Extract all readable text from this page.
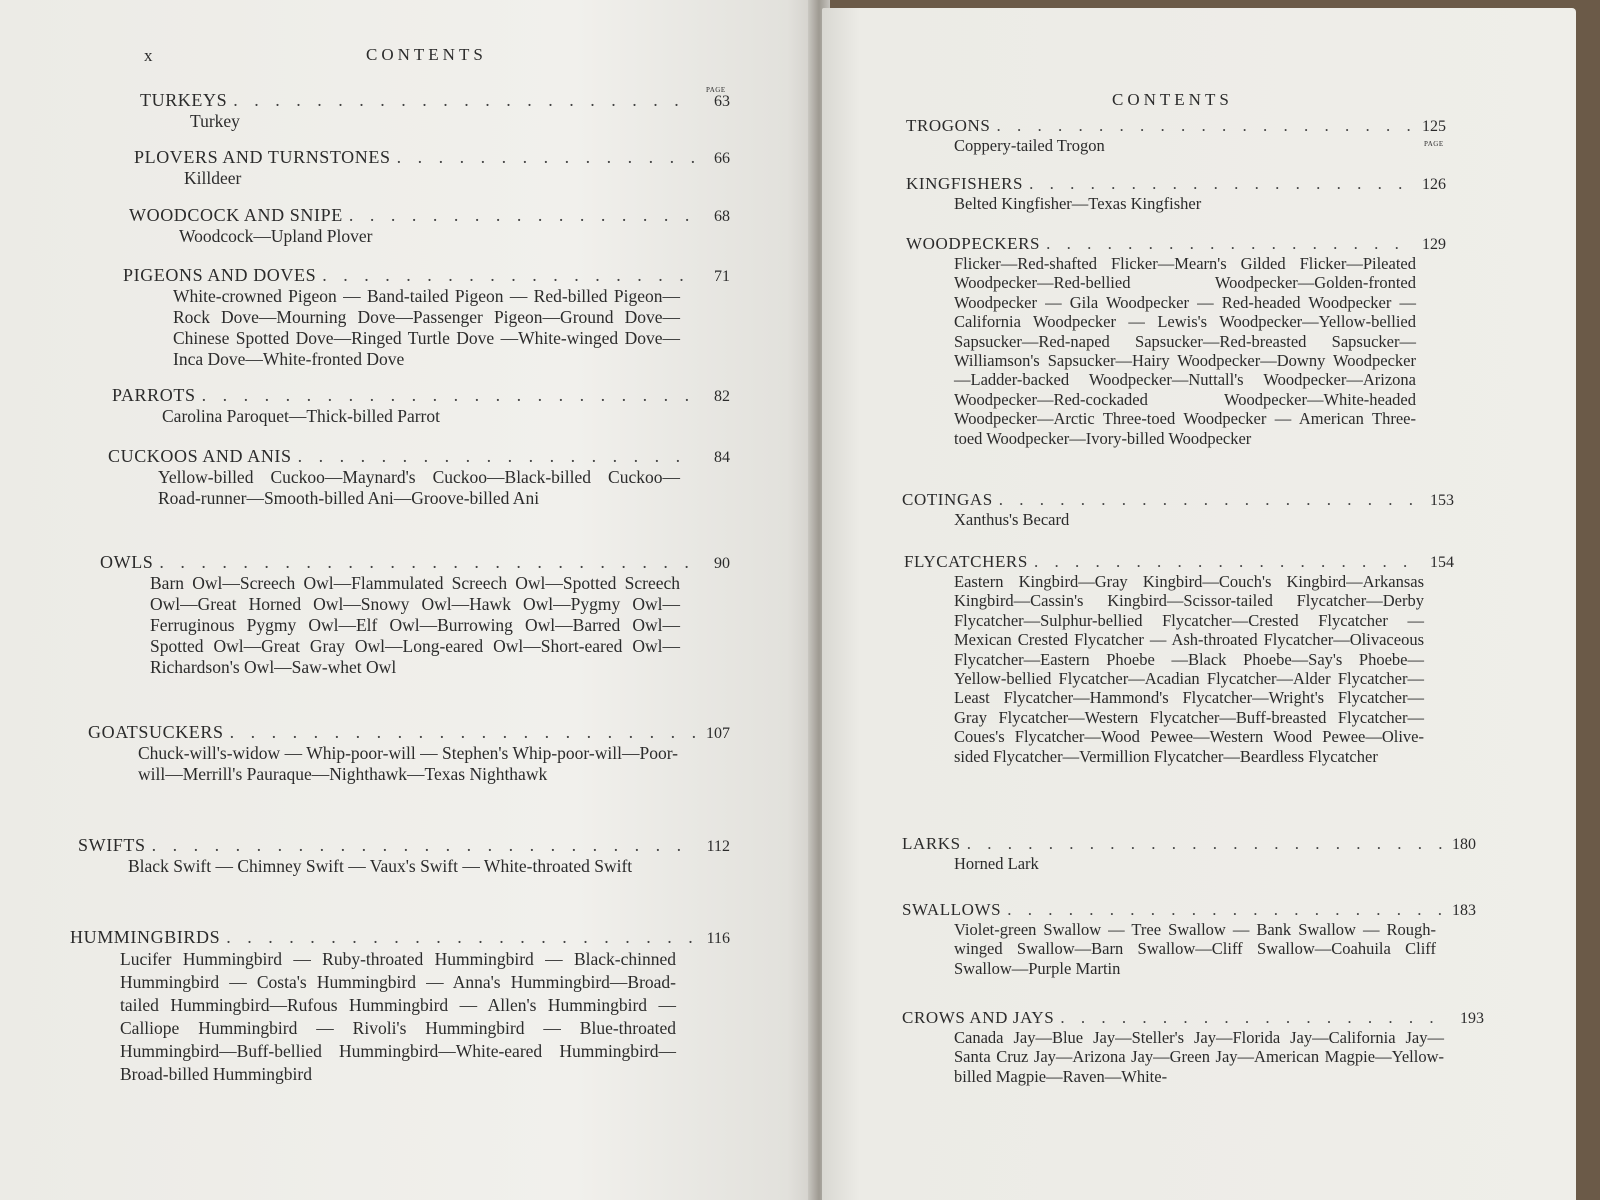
x	CONTENTS
PAGE
TURKEYS . . .	63
Turkey
PLOVERS AND TURNSTONES . . .	66
Killdeer
WOODCOCK AND SNIPE . . .	68
Woodcock—Upland Plover
PIGEONS AND DOVES . . .	71
White-crowned Pigeon — Band-tailed Pigeon — Red-billed Pigeon—Rock Dove—Mourning Dove—Passenger Pigeon—Ground Dove—Chinese Spotted Dove—Ringed Turtle Dove —White-winged Dove—Inca Dove—White-fronted Dove
PARROTS . . .	82
Carolina Paroquet—Thick-billed Parrot
CUCKOOS AND ANIS . . .	84
Yellow-billed Cuckoo—Maynard's Cuckoo—Black-billed Cuckoo—Road-runner—Smooth-billed Ani—Groove-billed Ani
OWLS . . .	90
Barn Owl—Screech Owl—Flammulated Screech Owl—Spotted Screech Owl—Great Horned Owl—Snowy Owl—Hawk Owl—Pygmy Owl—Ferruginous Pygmy Owl—Elf Owl—Burrowing Owl—Barred Owl—Spotted Owl—Great Gray Owl—Long-eared Owl—Short-eared Owl—Richardson's Owl—Saw-whet Owl
GOATSUCKERS . . .	107
Chuck-will's-widow — Whip-poor-will — Stephen's Whip-poor-will—Poor-will—Merrill's Pauraque—Nighthawk—Texas Nighthawk
SWIFTS . . .	112
Black Swift — Chimney Swift — Vaux's Swift — White-throated Swift
HUMMINGBIRDS . . .	116
Lucifer Hummingbird — Ruby-throated Hummingbird — Black-chinned Hummingbird — Costa's Hummingbird — Anna's Hummingbird—Broad-tailed Hummingbird—Rufous Hummingbird — Allen's Hummingbird — Calliope Hummingbird — Rivoli's Hummingbird — Blue-throated Hummingbird—Buff-bellied Hummingbird—White-eared Hummingbird—Broad-billed Hummingbird
CONTENTS
PAGE
TROGONS . . .	125
Coppery-tailed Trogon
KINGFISHERS . . .	126
Belted Kingfisher—Texas Kingfisher
WOODPECKERS . . .	129
Flicker—Red-shafted Flicker—Mearn's Gilded Flicker—Pileated Woodpecker—Red-bellied Woodpecker—Golden-fronted Woodpecker — Gila Woodpecker — Red-headed Woodpecker — California Woodpecker — Lewis's Woodpecker—Yellow-bellied Sapsucker—Red-naped Sapsucker—Red-breasted Sapsucker—Williamson's Sapsucker—Hairy Woodpecker—Downy Woodpecker—Ladder-backed Woodpecker—Nuttall's Woodpecker—Arizona Woodpecker—Red-cockaded Woodpecker—White-headed Woodpecker—Arctic Three-toed Woodpecker — American Three-toed Woodpecker—Ivory-billed Woodpecker
COTINGAS . . .	153
Xanthus's Becard
FLYCATCHERS . . .	154
Eastern Kingbird—Gray Kingbird—Couch's Kingbird—Arkansas Kingbird—Cassin's Kingbird—Scissor-tailed Flycatcher—Derby Flycatcher—Sulphur-bellied Flycatcher—Crested Flycatcher — Mexican Crested Flycatcher — Ash-throated Flycatcher—Olivaceous Flycatcher—Eastern Phoebe —Black Phoebe—Say's Phoebe—Yellow-bellied Flycatcher—Acadian Flycatcher—Alder Flycatcher—Least Flycatcher—Hammond's Flycatcher—Wright's Flycatcher—Gray Flycatcher—Western Flycatcher—Buff-breasted Flycatcher—Coues's Flycatcher—Wood Pewee—Western Wood Pewee—Olive-sided Flycatcher—Vermillion Flycatcher—Beardless Flycatcher
LARKS . . .	180
Horned Lark
SWALLOWS . . .	183
Violet-green Swallow — Tree Swallow — Bank Swallow — Rough-winged Swallow—Barn Swallow—Cliff Swallow—Coahuila Cliff Swallow—Purple Martin
CROWS AND JAYS . . .	193
Canada Jay—Blue Jay—Steller's Jay—Florida Jay—California Jay—Santa Cruz Jay—Arizona Jay—Green Jay—American Magpie—Yellow-billed Magpie—Raven—White-
